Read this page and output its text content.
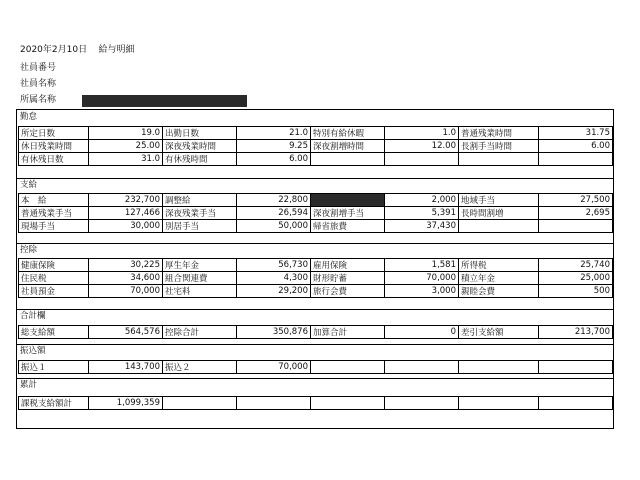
2020年2月10日 給与明細
社員番号
社員名称
所属名称
勤怠
所定日数	19.0	出勤日数	21.0	特別有給休暇	1.0	普通残業時間	31.75
休日残業時間	25.00	深夜残業時間	9.25	深夜割増時間	12.00	長割手当時間	6.00
有休残日数	31.0	有休残時間	6.00				
支給
本　給	232,700	調整給	22,800		2,000	地域手当	27,500
普通残業手当	127,466	深夜残業手当	26,594	深夜割増手当	5,391	長時間割増	2,695
現場手当	30,000	別居手当	50,000	帰省旅費	37,430		
控除
健康保険	30,225	厚生年金	56,730	雇用保険	1,581	所得税	25,740
住民税	34,600	組合関連費	4,300	財形貯蓄	70,000	積立年金	25,000
社員預金	70,000	社宅料	29,200	旅行会費	3,000	親睦会費	500
合計欄
総支給額	564,576	控除合計	350,876	加算合計	0	差引支給額	213,700
振込額
振込１	143,700	振込２	70,000				
累計
課税支給額計	1,099,359						
